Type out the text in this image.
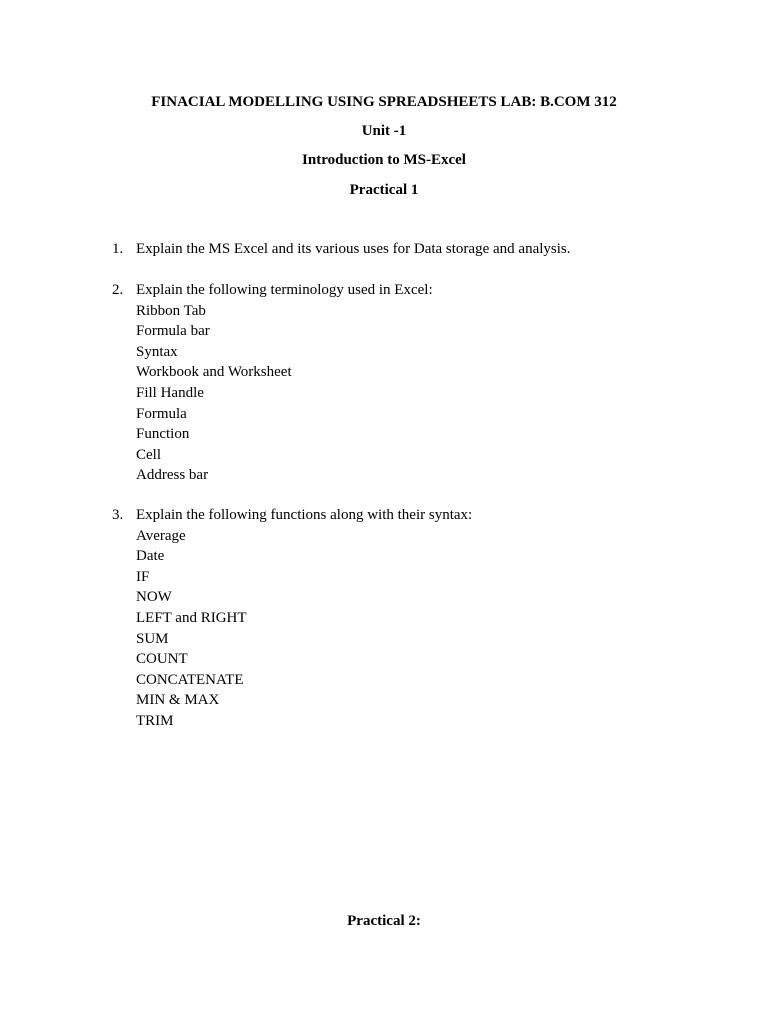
FINACIAL MODELLING USING SPREADSHEETS LAB: B.COM 312
Unit -1
Introduction to MS-Excel
Practical 1
1. Explain the MS Excel and its various uses for Data storage and analysis.
2. Explain the following terminology used in Excel:
Ribbon Tab
Formula bar
Syntax
Workbook and Worksheet
Fill Handle
Formula
Function
Cell
Address bar
3. Explain the following functions along with their syntax:
Average
Date
IF
NOW
LEFT and RIGHT
SUM
COUNT
CONCATENATE
MIN & MAX
TRIM
Practical 2:
